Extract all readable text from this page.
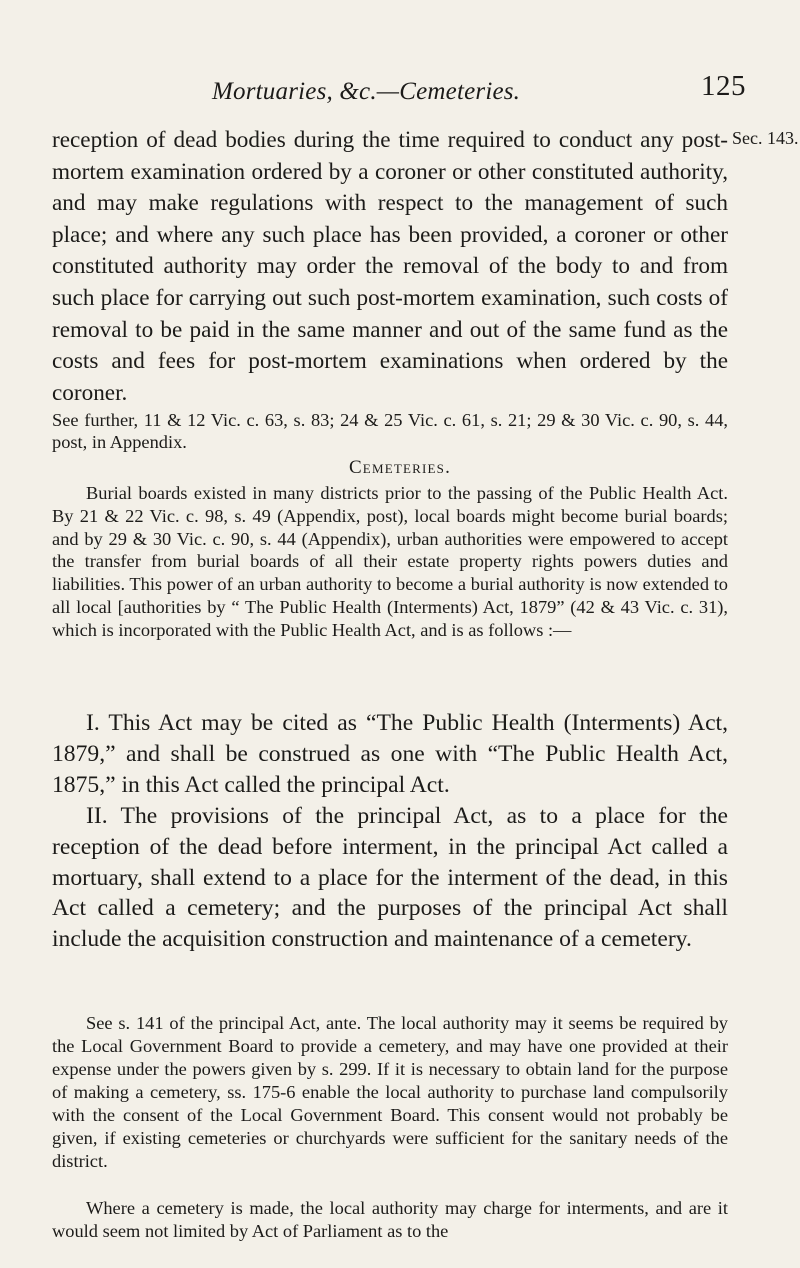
Mortuaries, &c.—Cemeteries.	125
Sec. 143.

reception of dead bodies during the time required to conduct any post-mortem examination ordered by a coroner or other constituted authority, and may make regulations with respect to the management of such place; and where any such place has been provided, a coroner or other constituted authority may order the removal of the body to and from such place for carrying out such post-mortem examination, such costs of removal to be paid in the same manner and out of the same fund as the costs and fees for post-mortem examinations when ordered by the coroner.

See further, 11 & 12 Vic. c. 63, s. 83; 24 & 25 Vic. c. 61, s. 21; 29 & 30 Vic. c. 90, s. 44, post, in Appendix.

Cemeteries.

Burial boards existed in many districts prior to the passing of the Public Health Act. By 21 & 22 Vic. c. 98, s. 49 (Appendix, post), local boards might become burial boards; and by 29 & 30 Vic. c. 90, s. 44 (Appendix), urban authorities were empowered to accept the transfer from burial boards of all their estate property rights powers duties and liabilities. This power of an urban authority to become a burial authority is now extended to all local [authorities by “ The Public Health (Interments) Act, 1879” (42 & 43 Vic. c. 31), which is incorporated with the Public Health Act, and is as follows :—

I. This Act may be cited as “The Public Health (Interments) Act, 1879,” and shall be construed as one with “The Public Health Act, 1875,” in this Act called the principal Act.

II. The provisions of the principal Act, as to a place for the reception of the dead before interment, in the principal Act called a mortuary, shall extend to a place for the interment of the dead, in this Act called a cemetery; and the purposes of the principal Act shall include the acquisition construction and maintenance of a cemetery.

See s. 141 of the principal Act, ante. The local authority may it seems be required by the Local Government Board to provide a cemetery, and may have one provided at their expense under the powers given by s. 299. If it is necessary to obtain land for the purpose of making a cemetery, ss. 175-6 enable the local authority to purchase land compulsorily with the consent of the Local Government Board. This consent would not probably be given, if existing cemeteries or churchyards were sufficient for the sanitary needs of the district.

Where a cemetery is made, the local authority may charge for interments, and are it would seem not limited by Act of Parliament as to the
